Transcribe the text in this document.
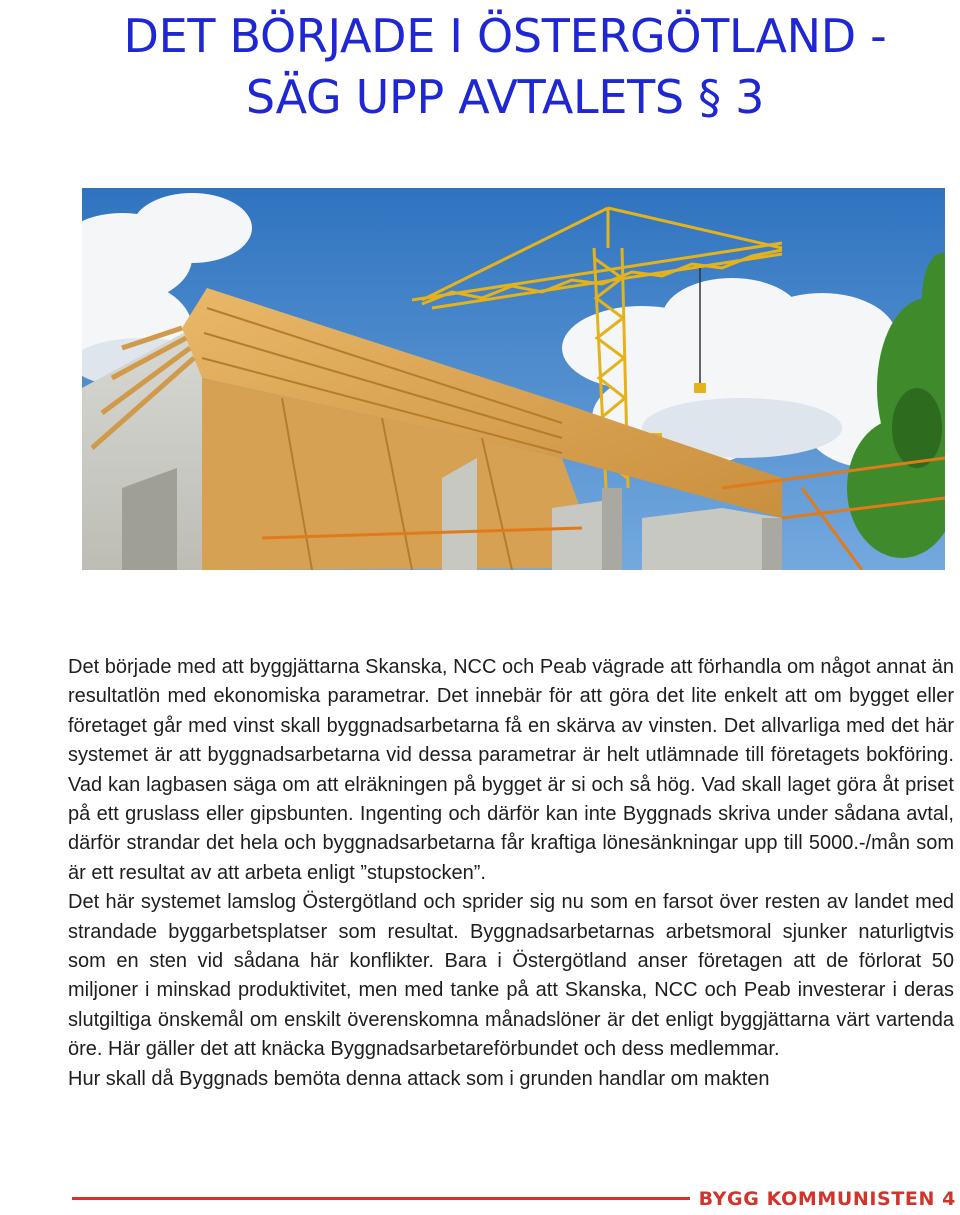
DET BÖRJADE I ÖSTERGÖTLAND -
SÄG UPP AVTALETS § 3

Det började med att byggjättarna Skanska, NCC och Peab vägrade att förhandla om något annat än resultatlön med ekonomiska parametrar. Det innebär för att göra det lite enkelt att om bygget eller företaget går med vinst skall byggnadsarbetarna få en skärva av vinsten. Det allvarliga med det här systemet är att byggnadsarbetarna vid dessa parametrar är helt utlämnade till företagets bokföring. Vad kan lagbasen säga om att elräkningen på bygget är si och så hög. Vad skall laget göra åt priset på ett gruslass eller gipsbunten. Ingenting och därför kan inte Byggnads skriva under sådana avtal, därför strandar det hela och byggnadsarbetarna får kraftiga lönesänkningar upp till 5000.-/mån som är ett resultat av att arbeta enligt ”stupstocken”.

Det här systemet lamslog Östergötland och sprider sig nu som en farsot över resten av landet med strandade byggarbetsplatser som resultat. Byggnadsarbetarnas arbetsmoral sjunker naturligtvis som en sten vid sådana här konflikter. Bara i Östergötland anser företagen att de förlorat 50 miljoner i minskad produktivitet, men med tanke på att Skanska, NCC och Peab investerar i deras slutgiltiga önskemål om enskilt överenskomna månadslöner är det enligt byggjättarna värt vartenda öre. Här gäller det att knäcka Byggnadsarbetareförbundet och dess medlemmar.

Hur skall då Byggnads bemöta denna attack som i grunden handlar om makten

BYGG KOMMUNISTEN 4
